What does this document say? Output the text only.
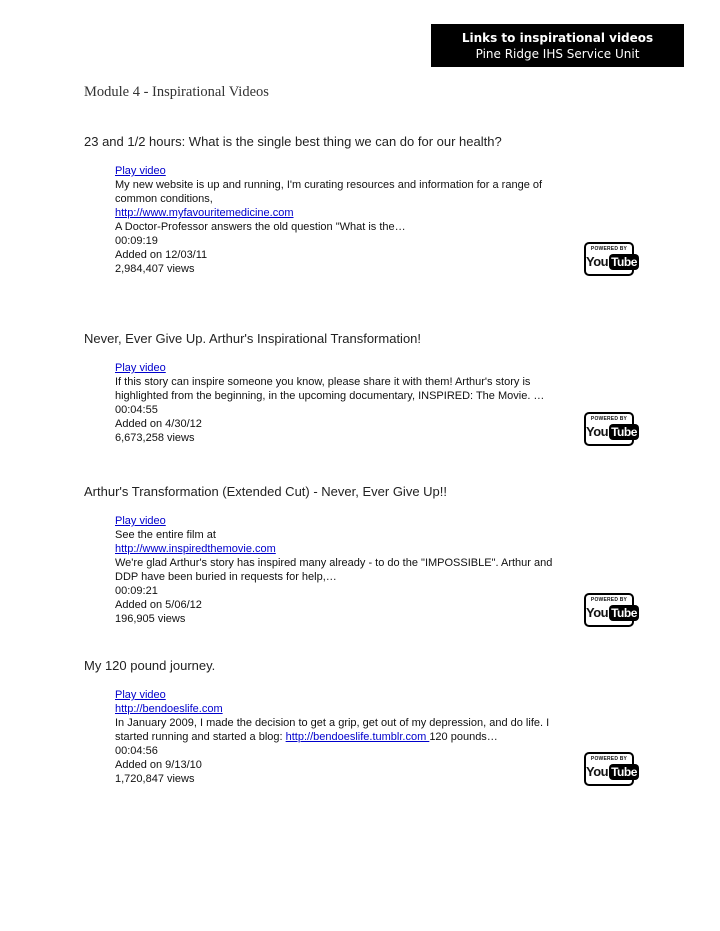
Links to inspirational videos
Pine Ridge IHS Service Unit
Module 4 - Inspirational Videos

23 and 1/2 hours: What is the single best thing we can do for our health?

Play video
My new website is up and running, I'm curating resources and information for a range of common conditions,
http://www.myfavouritemedicine.com
A Doctor-Professor answers the old question "What is the…
00:09:19
Added on 12/03/11
2,984,407 views
POWERED BY
You Tube

Never, Ever Give Up. Arthur's Inspirational Transformation!

Play video
If this story can inspire someone you know, please share it with them! Arthur's story is highlighted from the beginning, in the upcoming documentary, INSPIRED: The Movie. …
00:04:55
Added on 4/30/12
6,673,258 views
POWERED BY
You Tube

Arthur's Transformation (Extended Cut) - Never, Ever Give Up!!

Play video
See the entire film at
http://www.inspiredthemovie.com
We're glad Arthur's story has inspired many already - to do the "IMPOSSIBLE". Arthur and DDP have been buried in requests for help,…
00:09:21
Added on 5/06/12
196,905 views
POWERED BY
You Tube

My 120 pound journey.

Play video
http://bendoeslife.com
In January 2009, I made the decision to get a grip, get out of my depression, and do life. I started running and started a blog: http://bendoeslife.tumblr.com 120 pounds…
00:04:56
Added on 9/13/10
1,720,847 views
POWERED BY
You Tube
